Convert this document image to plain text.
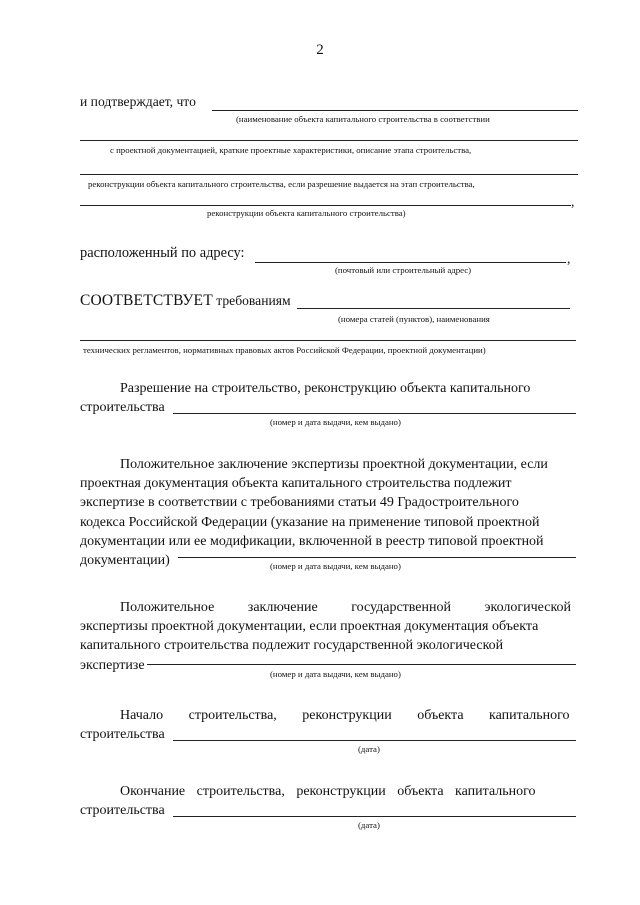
2
и подтверждает, что
(наименование объекта капитального строительства в соответствии
с проектной документацией, краткие проектные характеристики, описание этапа строительства,
реконструкции объекта капитального строительства, если разрешение выдается на этап строительства,
,
реконструкции объекта капитального строительства)
расположенный по адресу:	,
(почтовый или строительный адрес)
СООТВЕТСТВУЕТ требованиям
(номера статей (пунктов), наименования
технических регламентов, нормативных правовых актов Российской Федерации, проектной документации)

Разрешение на строительство, реконструкцию объекта капитального

строительства

(номер и дата выдачи, кем выдано)

Положительное заключение экспертизы проектной документации, если

проектная документация объекта капитального строительства подлежит

экспертизе в соответствии с требованиями статьи 49 Градостроительного

кодекса Российской Федерации (указание на применение типовой проектной

документации или ее модификации, включенной в реестр типовой проектной

документации)	(номер и дата выдачи, кем выдано)

Положительное заключение государственной экологической

экспертизы проектной документации, если проектная документация объекта

капитального строительства подлежит государственной экологической

экспертизе

(номер и дата выдачи, кем выдано)

Начало строительства, реконструкции объекта капитального

строительства

(дата)

Окончание строительства, реконструкции объекта капитального

строительства

(дата)
